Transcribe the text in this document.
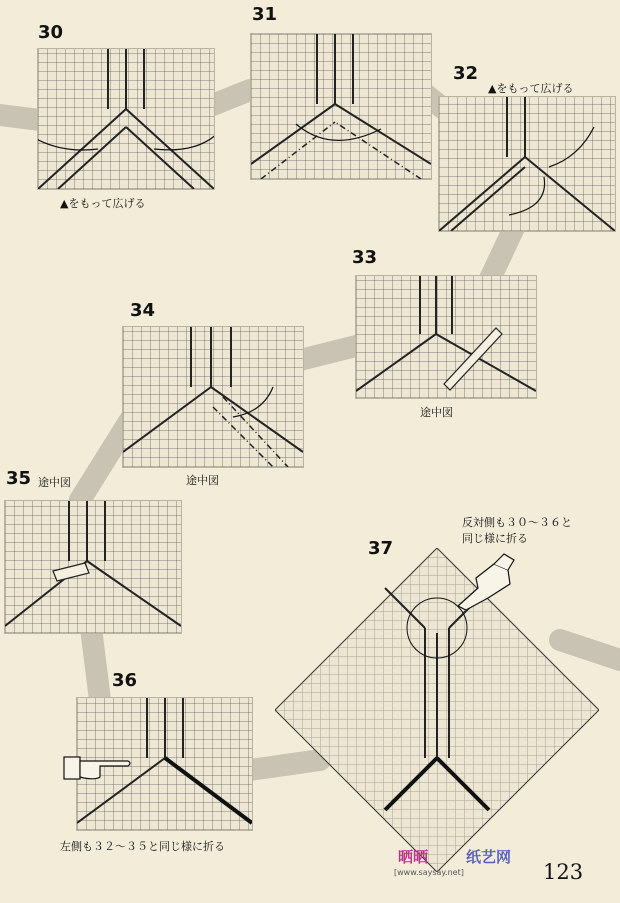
30
▲をもって広げる
31
32
▲をもって広げる
33
途中図
34
途中図
35 途中図
36
左側も３２～３５と同じ様に折る
37
反対側も３０～３６と
同じ様に折る
晒晒	纸艺网
[www.saysay.net]	123
